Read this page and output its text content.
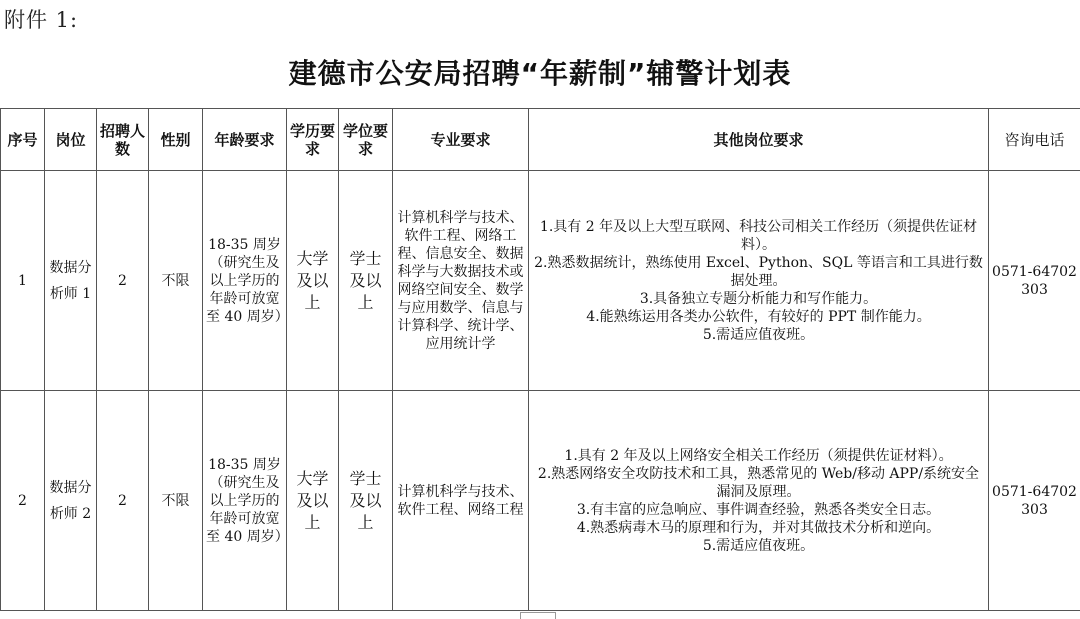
附件 1:
建德市公安局招聘“年薪制”辅警计划表
序号	岗位	招聘人数	性别	年龄要求	学历要求	学位要求	专业要求	其他岗位要求	咨询电话
1	数据分析师 1	2	不限	18-35 周岁（研究生及以上学历的年龄可放宽至 40 周岁）	大学及以上	学士及以上	计算机科学与技术、软件工程、网络工程、信息安全、数据科学与大数据技术或网络空间安全、数学与应用数学、信息与计算科学、统计学、应用统计学	1.具有 2 年及以上大型互联网、科技公司相关工作经历（须提供佐证材料）。
2.熟悉数据统计，熟练使用 Excel、Python、SQL 等语言和工具进行数据处理。
3.具备独立专题分析能力和写作能力。
4.能熟练运用各类办公软件，有较好的 PPT 制作能力。
5.需适应值夜班。	0571-64702303
2	数据分析师 2	2	不限	18-35 周岁（研究生及以上学历的年龄可放宽至 40 周岁）	大学及以上	学士及以上	计算机科学与技术、软件工程、网络工程	1.具有 2 年及以上网络安全相关工作经历（须提供佐证材料）。
2.熟悉网络安全攻防技术和工具，熟悉常见的 Web/移动 APP/系统安全漏洞及原理。
3.有丰富的应急响应、事件调查经验，熟悉各类安全日志。
4.熟悉病毒木马的原理和行为，并对其做技术分析和逆向。
5.需适应值夜班。	0571-64702303
